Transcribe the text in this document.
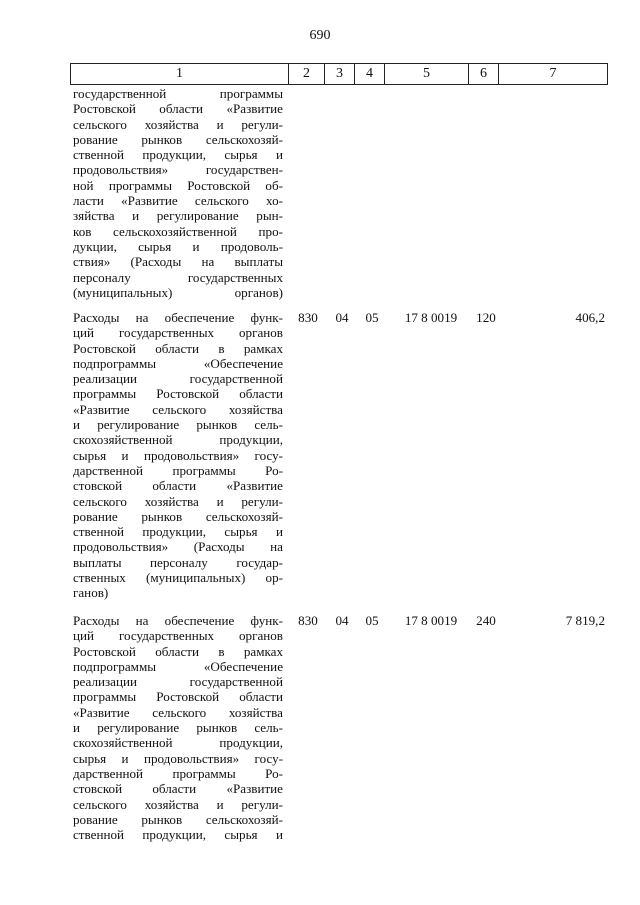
690
1	2	3	4	5	6	7
государственной программы
Ростовской области «Развитие
сельского хозяйства и регули-
рование рынков сельскохозяй-
ственной продукции, сырья и
продовольствия» государствен-
ной программы Ростовской об-
ласти «Развитие сельского хо-
зяйства и регулирование рын-
ков сельскохозяйственной про-
дукции, сырья и продоволь-
ствия» (Расходы на выплаты
персоналу государственных
(муниципальных) органов)
Расходы на обеспечение функ-
ций государственных органов
Ростовской области в рамках
подпрограммы «Обеспечение
реализации государственной
программы Ростовской области
«Развитие сельского хозяйства
и регулирование рынков сель-
скохозяйственной продукции,
сырья и продовольствия» госу-
дарственной программы Ро-
стовской области «Развитие
сельского хозяйства и регули-
рование рынков сельскохозяй-
ственной продукции, сырья и
продовольствия» (Расходы на
выплаты персоналу государ-
ственных (муниципальных) ор-
ганов)
830	04	05	17 8 0019	120	406,2
Расходы на обеспечение функ-
ций государственных органов
Ростовской области в рамках
подпрограммы «Обеспечение
реализации государственной
программы Ростовской области
«Развитие сельского хозяйства
и регулирование рынков сель-
скохозяйственной продукции,
сырья и продовольствия» госу-
дарственной программы Ро-
стовской области «Развитие
сельского хозяйства и регули-
рование рынков сельскохозяй-
ственной продукции, сырья и
830	04	05	17 8 0019	240	7 819,2
